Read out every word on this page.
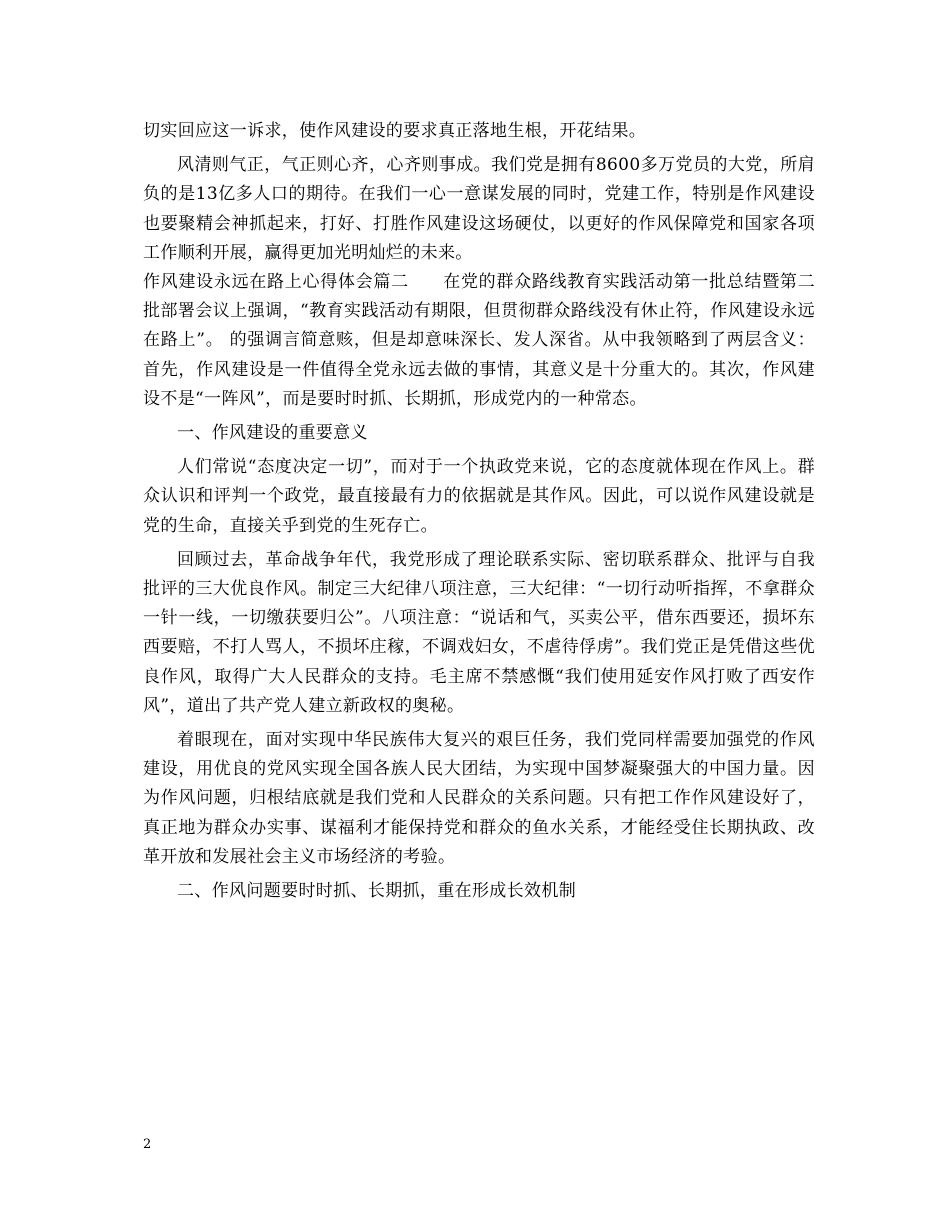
切实回应这一诉求，使作风建设的要求真正落地生根，开花结果。

风清则气正，气正则心齐，心齐则事成。我们党是拥有8600多万党员的大党，所肩负的是13亿多人口的期待。在我们一心一意谋发展的同时，党建工作，特别是作风建设也要聚精会神抓起来，打好、打胜作风建设这场硬仗，以更好的作风保障党和国家各项工作顺利开展，赢得更加光明灿烂的未来。

作风建设永远在路上心得体会篇二 在党的群众路线教育实践活动第一批总结暨第二批部署会议上强调，“教育实践活动有期限，但贯彻群众路线没有休止符，作风建设永远在路上”。 的强调言简意赅，但是却意味深长、发人深省。从中我领略到了两层含义：首先，作风建设是一件值得全党永远去做的事情，其意义是十分重大的。其次，作风建设不是“一阵风”，而是要时时抓、长期抓，形成党内的一种常态。

一、作风建设的重要意义

人们常说“态度决定一切”，而对于一个执政党来说，它的态度就体现在作风上。群众认识和评判一个政党，最直接最有力的依据就是其作风。因此，可以说作风建设就是党的生命，直接关乎到党的生死存亡。

回顾过去，革命战争年代，我党形成了理论联系实际、密切联系群众、批评与自我批评的三大优良作风。制定三大纪律八项注意，三大纪律：“一切行动听指挥，不拿群众一针一线，一切缴获要归公”。八项注意：“说话和气，买卖公平，借东西要还，损坏东西要赔，不打人骂人，不损坏庄稼，不调戏妇女，不虐待俘虏”。我们党正是凭借这些优良作风，取得广大人民群众的支持。毛主席不禁感慨“我们使用延安作风打败了西安作风”，道出了共产党人建立新政权的奥秘。

着眼现在，面对实现中华民族伟大复兴的艰巨任务，我们党同样需要加强党的作风建设，用优良的党风实现全国各族人民大团结，为实现中国梦凝聚强大的中国力量。因为作风问题，归根结底就是我们党和人民群众的关系问题。只有把工作作风建设好了，真正地为群众办实事、谋福利才能保持党和群众的鱼水关系，才能经受住长期执政、改革开放和发展社会主义市场经济的考验。

二、作风问题要时时抓、长期抓，重在形成长效机制

2
